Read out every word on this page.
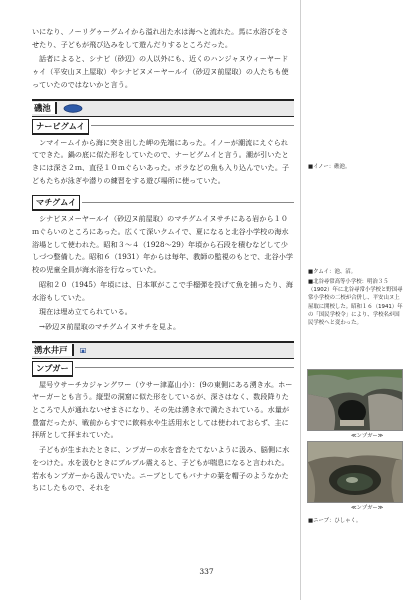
いになり、ノーリグゥーグムイから溢れ出た水は海へと流れた。馬に水浴びをさせたり、子どもが飛び込みをして遊んだりするところだった。

話者によると、シナビ（砂辺）の人以外にも、近くのハンジャヌウィーヤードゥイ（平安山ヌ上屋取）やシナビヌメーヤールイ（砂辺ヌ前屋取）の人たちも使っていたのではないかと言う。

磯池
ナービグムイ

ンマイームイから海に突き出した岬の先端にあった。イノーが潮流にえぐられてできた。鍋の底に似た形をしていたので、ナービグムイと言う。潮が引いたときには深さ２ｍ、直径１０ｍぐらいあった。ボラなどの魚も入り込んでいた。子どもたちが泳ぎや潜りの練習をする遊び場所に使っていた。

マチグムイ

シナビヌメーヤールイ（砂辺ヌ前屋取）のマチグムイヌサチにある岩から１０ｍぐらいのところにあった。広くて深いクムイで、夏になると北谷小学校の海水浴場として使われた。昭和３～４（1928～29）年頃から石段を積むなどして少しづつ整備した。昭和６（1931）年からは毎年、教師の監視のもとで、北谷小学校の児童全員が海水浴を行なっていた。

昭和２０（1945）年頃には、日本軍がここで手榴弾を投げて魚を捕ったり、海水浴もしていた。

現在は埋め立てられている。

→砂辺ヌ前屋取のマチグムイヌサチを見よ。

湧水井戸
ンプガー

屋号ウサーチカジャングワー（ウサー津嘉山小）：(9の東側にある湧き水。ホーヤーガーとも言う。縦型の洞窟に似た形をしているが、深さはなく、数段降りたところで人が通れないせまさになり、その先は湧き水で満たされている。水量が豊富だったが、戦前からすでに飲料水や生活用水としては使われておらず、主に拝所として拝まれていた。

子どもが生まれたときに、ンプガーの水を音をたてないように汲み、脳側に水をつけた。水を汲むときにブルブル震えると、子どもが喘息になると言われた。若水もンプガーから汲んでいた。ニーブとしてもバナナの葉を帽子のようなかたちにしたもので、それを

■イノー：礁池。
■クムイ：池、沼。
■北谷尋常高等小学校：明治３５（1902）年に北谷尋常小学校と野国尋常小学校の二校が合併し、平安山ヌ上屋取に開校した。昭和１６（1941）年の「国民学校令」により、学校名が国民学校へと変わった。
≪ンプガー≫
≪ンプガー≫
■ニーブ：ひしゃく。
337
